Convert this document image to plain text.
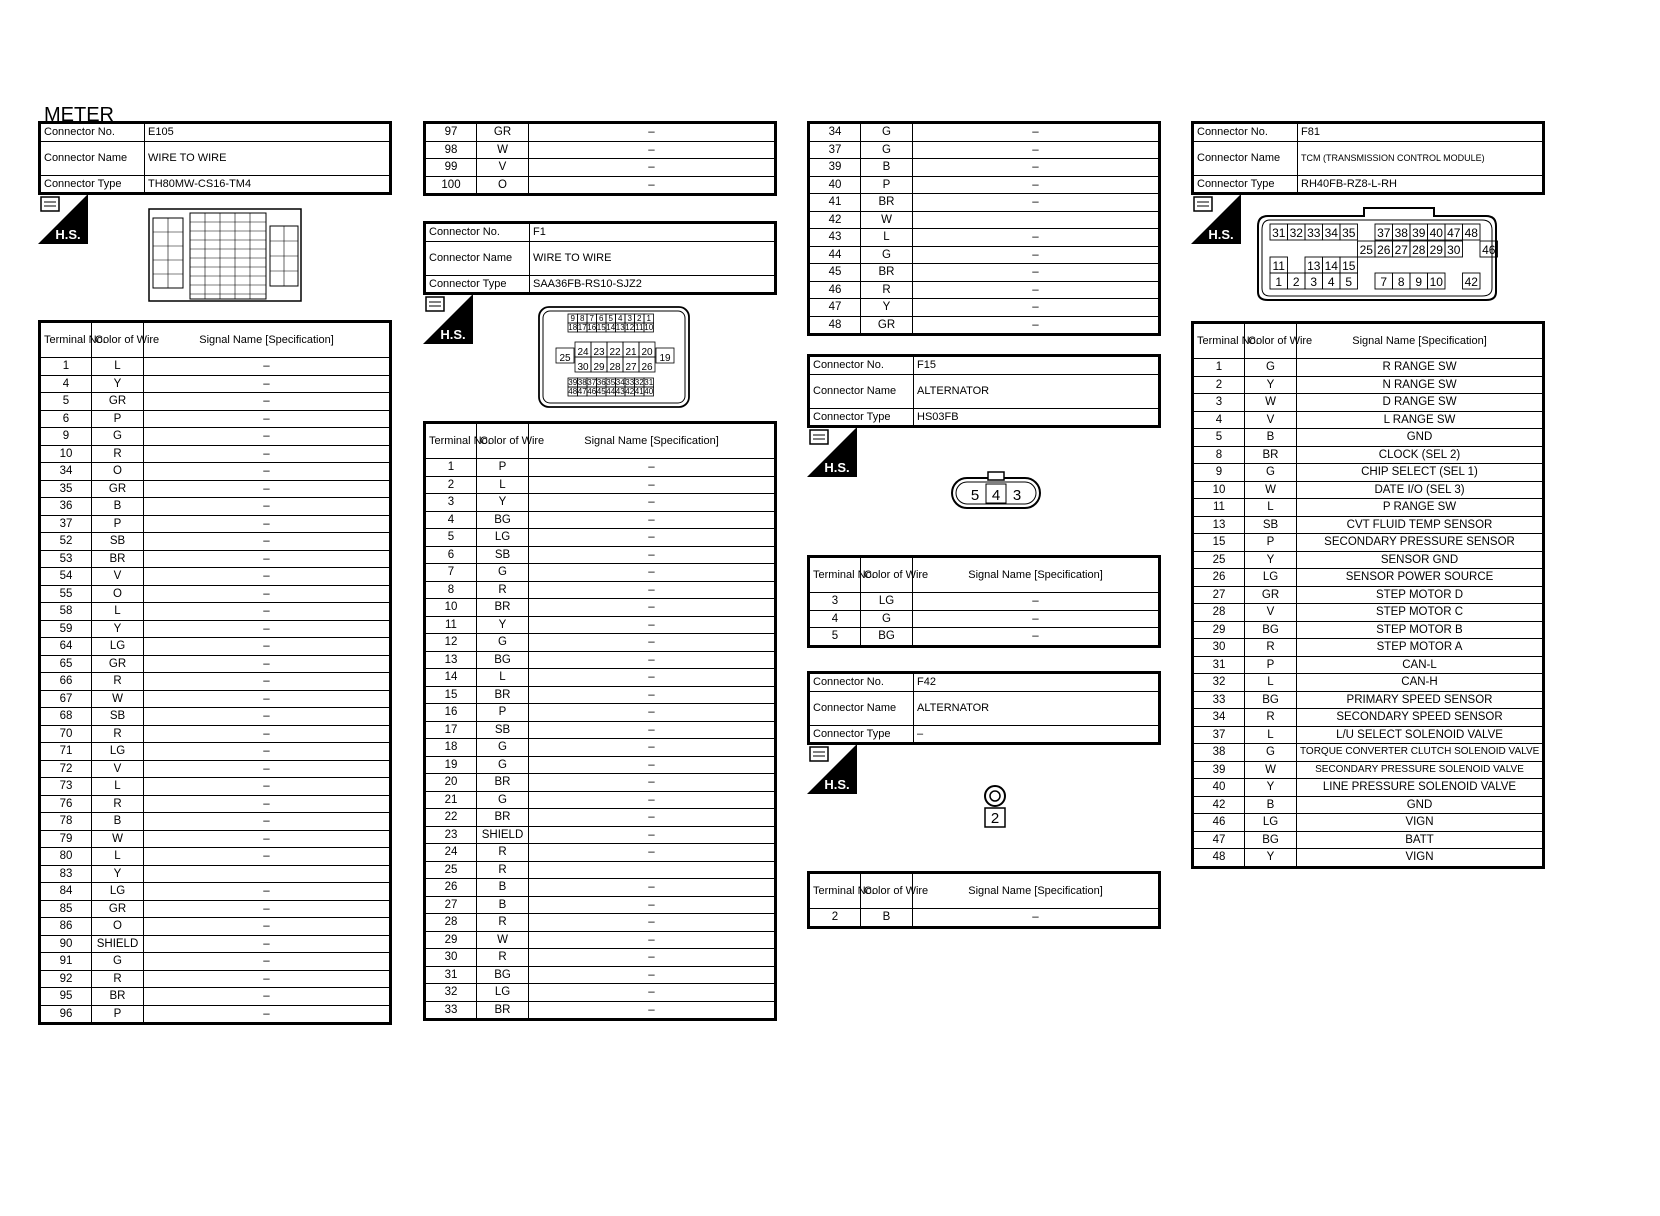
METER
Connector No.	E105
Connector Name	WIRE TO WIRE
Connector Type	TH80MW-CS16-TM4
H.S.
Terminal No.	Color of Wire	Signal Name [Specification]
1	L	–
4	Y	–
5	GR	–
6	P	–
9	G	–
10	R	–
34	O	–
35	GR	–
36	B	–
37	P	–
52	SB	–
53	BR	–
54	V	–
55	O	–
58	L	–
59	Y	–
64	LG	–
65	GR	–
66	R	–
67	W	–
68	SB	–
70	R	–
71	LG	–
72	V	–
73	L	–
76	R	–
78	B	–
79	W	–
80	L	–
83	Y	
84	LG	–
85	GR	–
86	O	–
90	SHIELD	–
91	G	–
92	R	–
95	BR	–
96	P	–
97	GR	–
98	W	–
99	V	–
100	O	–
Connector No.	F1
Connector Name	WIRE TO WIRE
Connector Type	SAA36FB-RS10-SJZ2
H.S.
9 8 7 6 5 4 3 2 1
18 17 16 15 14 13 12 11 10
24 23 22 21 20
30 29 28 27 26
25	19
39 38 37 36 35 34 33 32 31
48 47 46 45 44 43 42 41 40
Terminal No.	Color of Wire	Signal Name [Specification]
1	P	–
2	L	–
3	Y	–
4	BG	–
5	LG	–
6	SB	–
7	G	–
8	R	–
10	BR	–
11	Y	–
12	G	–
13	BG	–
14	L	–
15	BR	–
16	P	–
17	SB	–
18	G	–
19	G	–
20	BR	–
21	G	–
22	BR	–
23	SHIELD	–
24	R	–
25	R	
26	B	–
27	B	–
28	R	–
29	W	–
30	R	–
31	BG	–
32	LG	–
33	BR	–
34	G	–
37	G	–
39	B	–
40	P	–
41	BR	–
42	W	
43	L	–
44	G	–
45	BR	–
46	R	–
47	Y	–
48	GR	–
Connector No.	F15
Connector Name	ALTERNATOR
Connector Type	HS03FB
H.S.
5 4 3
Terminal No.	Color of Wire	Signal Name [Specification]
3	LG	–
4	G	–
5	BG	–
Connector No.	F42
Connector Name	ALTERNATOR
Connector Type	–
H.S.
2
Terminal No.	Color of Wire	Signal Name [Specification]
2	B	–
Connector No.	F81
Connector Name	TCM (TRANSMISSION CONTROL MODULE)
Connector Type	RH40FB-RZ8-L-RH
H.S.	31 32 33 34 35 37 38 39 40 47 48
25 26 27 28 29 30 46
11 13 14 15
1 2 3 4 5 7 8 9 10 42
Terminal No.	Color of Wire	Signal Name [Specification]
1	G	R RANGE SW
2	Y	N RANGE SW
3	W	D RANGE SW
4	V	L RANGE SW
5	B	GND
8	BR	CLOCK (SEL 2)
9	G	CHIP SELECT (SEL 1)
10	W	DATE I/O (SEL 3)
11	L	P RANGE SW
13	SB	CVT FLUID TEMP SENSOR
15	P	SECONDARY PRESSURE SENSOR
25	Y	SENSOR GND
26	LG	SENSOR POWER SOURCE
27	GR	STEP MOTOR D
28	V	STEP MOTOR C
29	BG	STEP MOTOR B
30	R	STEP MOTOR A
31	P	CAN-L
32	L	CAN-H
33	BG	PRIMARY SPEED SENSOR
34	R	SECONDARY SPEED SENSOR
37	L	L/U SELECT SOLENOID VALVE
38	G	TORQUE CONVERTER CLUTCH SOLENOID VALVE
39	W	SECONDARY PRESSURE SOLENOID VALVE
40	Y	LINE PRESSURE SOLENOID VALVE
42	B	GND
46	LG	VIGN
47	BG	BATT
48	Y	VIGN
